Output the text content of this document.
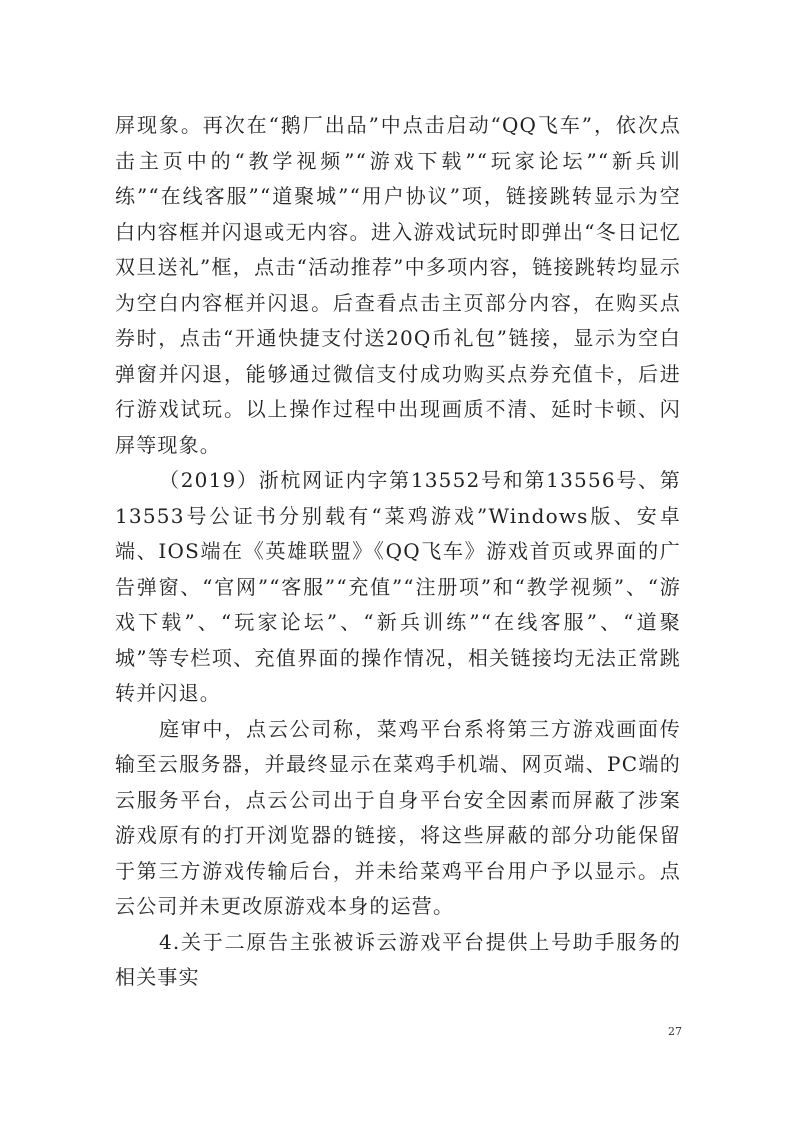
屏现象。再次在“鹅厂出品”中点击启动“QQ飞车”，依次点击主页中的“教学视频”“游戏下载”“玩家论坛”“新兵训练”“在线客服”“道聚城”“用户协议”项，链接跳转显示为空白内容框并闪退或无内容。进入游戏试玩时即弹出“冬日记忆双旦送礼”框，点击“活动推荐”中多项内容，链接跳转均显示为空白内容框并闪退。后查看点击主页部分内容，在购买点券时，点击“开通快捷支付送20Q币礼包”链接，显示为空白弹窗并闪退，能够通过微信支付成功购买点券充值卡，后进行游戏试玩。以上操作过程中出现画质不清、延时卡顿、闪屏等现象。

（2019）浙杭网证内字第13552号和第13556号、第13553号公证书分别载有“菜鸡游戏”Windows版、安卓端、IOS端在《英雄联盟》《QQ飞车》游戏首页或界面的广告弹窗、“官网”“客服”“充值”“注册项”和“教学视频”、“游戏下载”、“玩家论坛”、“新兵训练”“在线客服”、“道聚城”等专栏项、充值界面的操作情况，相关链接均无法正常跳转并闪退。

庭审中，点云公司称，菜鸡平台系将第三方游戏画面传输至云服务器，并最终显示在菜鸡手机端、网页端、PC端的云服务平台，点云公司出于自身平台安全因素而屏蔽了涉案游戏原有的打开浏览器的链接，将这些屏蔽的部分功能保留于第三方游戏传输后台，并未给菜鸡平台用户予以显示。点云公司并未更改原游戏本身的运营。

4.关于二原告主张被诉云游戏平台提供上号助手服务的相关事实

27
